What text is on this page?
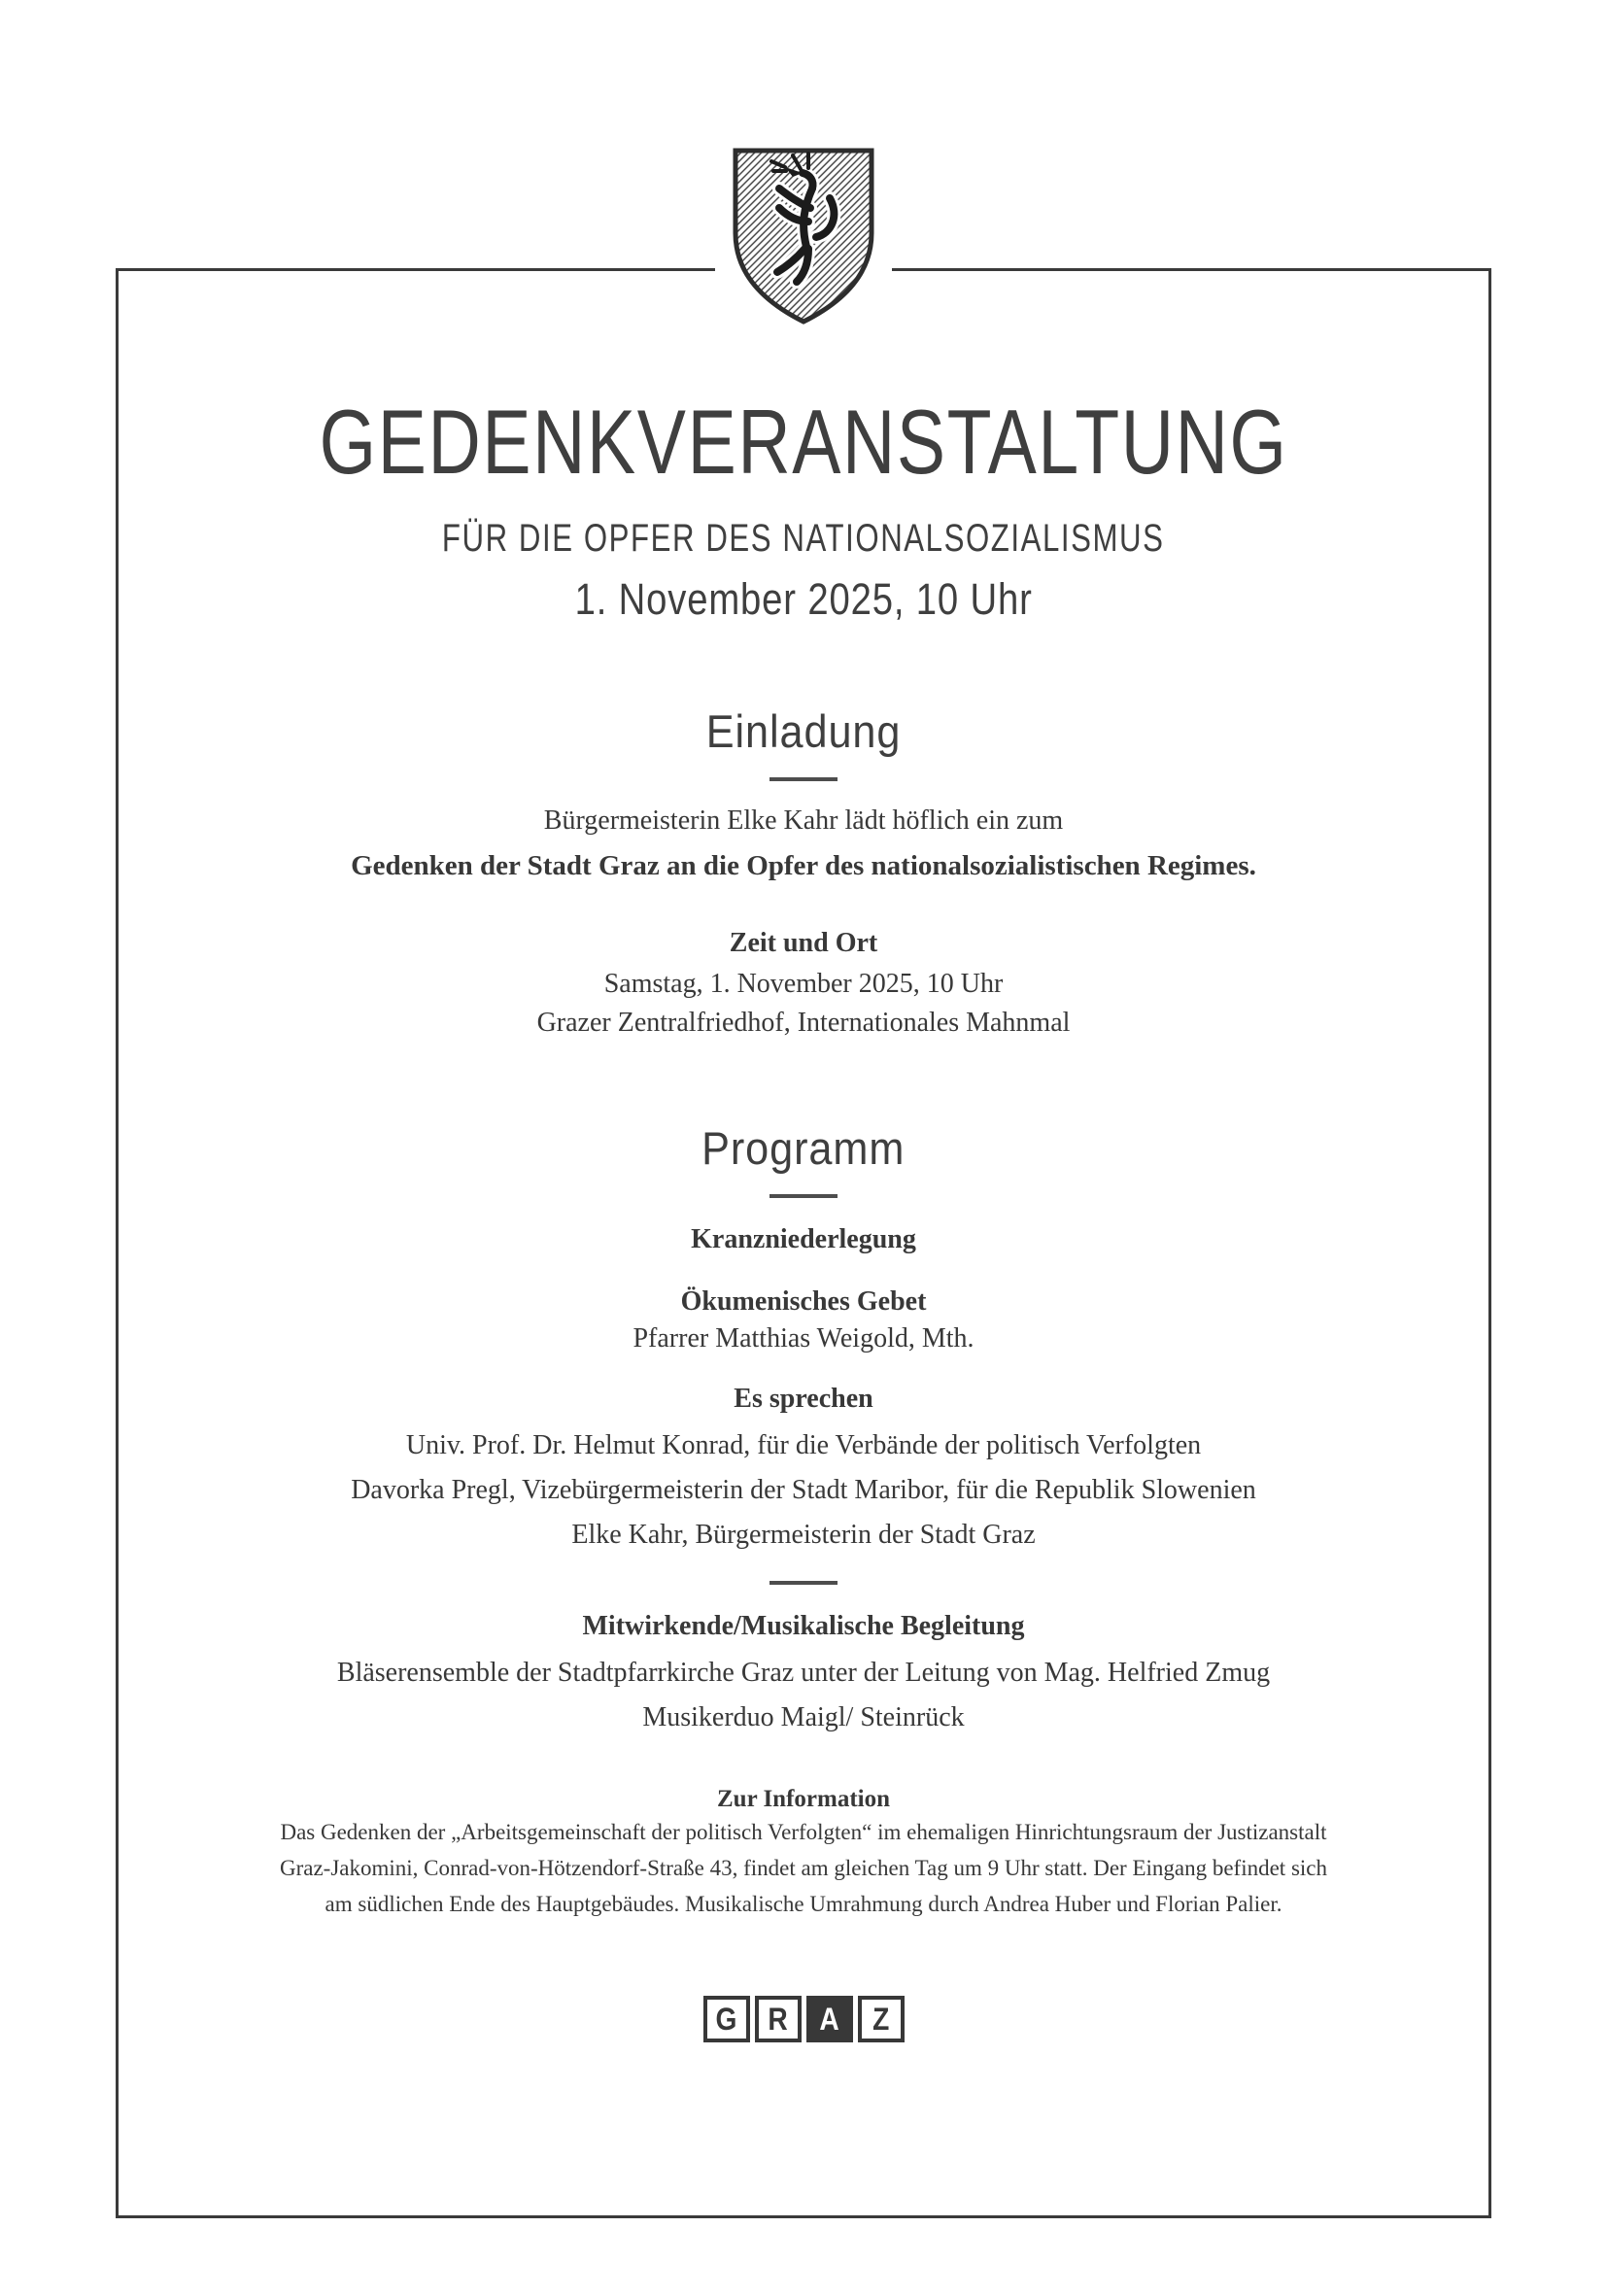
GEDENKVERANSTALTUNG
FÜR DIE OPFER DES NATIONALSOZIALISMUS
1. November 2025, 10 Uhr
Einladung
Bürgermeisterin Elke Kahr lädt höflich ein zum
Gedenken der Stadt Graz an die Opfer des nationalsozialistischen Regimes.
Zeit und Ort
Samstag, 1. November 2025, 10 Uhr
Grazer Zentralfriedhof, Internationales Mahnmal
Programm
Kranzniederlegung
Ökumenisches Gebet
Pfarrer Matthias Weigold, Mth.
Es sprechen
Univ. Prof. Dr. Helmut Konrad, für die Verbände der politisch Verfolgten
Davorka Pregl, Vizebürgermeisterin der Stadt Maribor, für die Republik Slowenien
Elke Kahr, Bürgermeisterin der Stadt Graz
Mitwirkende/Musikalische Begleitung
Bläserensemble der Stadtpfarrkirche Graz unter der Leitung von Mag. Helfried Zmug
Musikerduo Maigl/ Steinrück
Zur Information
Das Gedenken der „Arbeitsgemeinschaft der politisch Verfolgten“ im ehemaligen Hinrichtungsraum der Justizanstalt
Graz-Jakomini, Conrad-von-Hötzendorf-Straße 43, findet am gleichen Tag um 9 Uhr statt. Der Eingang befindet sich
am südlichen Ende des Hauptgebäudes. Musikalische Umrahmung durch Andrea Huber und Florian Palier.
G R A Z
